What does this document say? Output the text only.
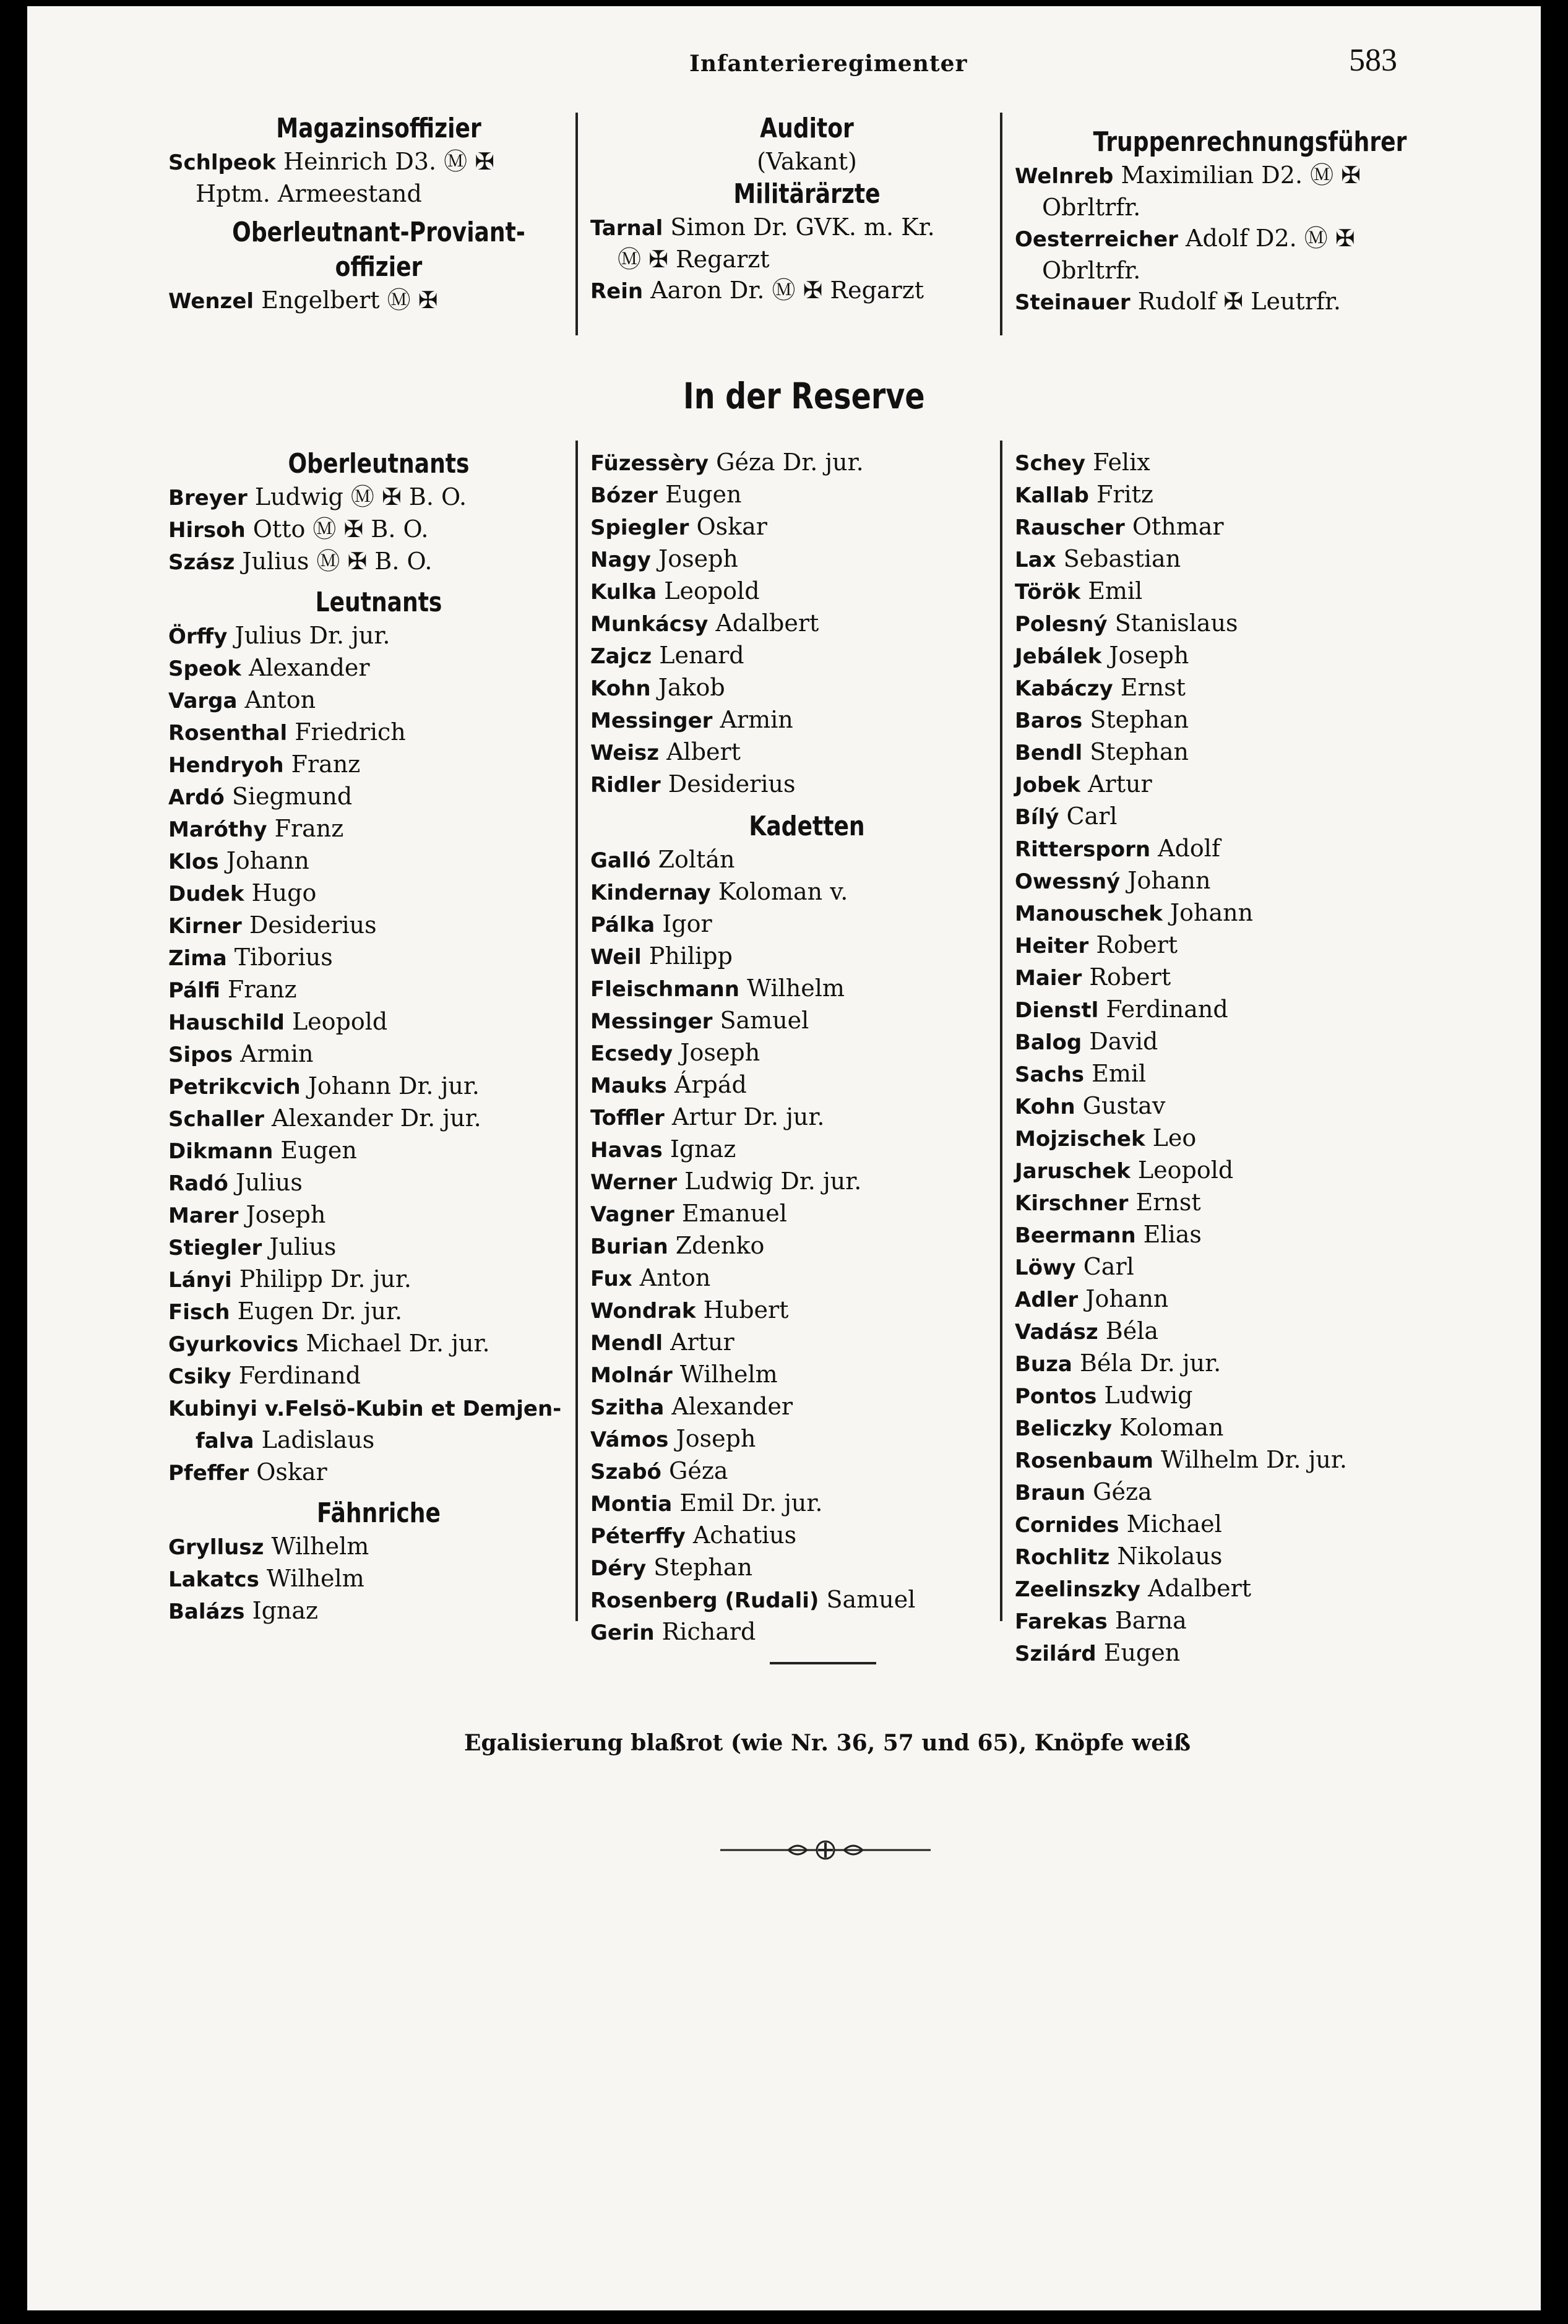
Infanterieregimenter	583
Magazinsoffizier
Schlpeok Heinrich D3. Ⓜ ✠
Hptm. Armeestand
Oberleutnant-Proviant-
offizier
Wenzel Engelbert Ⓜ ✠
Auditor
(Vakant)
Militärärzte
Tarnal Simon Dr. GVK. m. Kr.
Ⓜ ✠ Regarzt
Rein Aaron Dr. Ⓜ ✠ Regarzt
Truppenrechnungsführer
Welnreb Maximilian D2. Ⓜ ✠
Obrltrfr.
Oesterreicher Adolf D2. Ⓜ ✠
Obrltrfr.
Steinauer Rudolf ✠ Leutrfr.
In der Reserve
Oberleutnants
Breyer Ludwig Ⓜ ✠ B. O.
Hirsoh Otto Ⓜ ✠ B. O.
Szász Julius Ⓜ ✠ B. O.
Leutnants
Örffy Julius Dr. jur.
Speok Alexander
Varga Anton
Rosenthal Friedrich
Hendryoh Franz
Ardó Siegmund
Maróthy Franz
Klos Johann
Dudek Hugo
Kirner Desiderius
Zima Tiborius
Pálfi Franz
Hauschild Leopold
Sipos Armin
Petrikcvich Johann Dr. jur.
Schaller Alexander Dr. jur.
Dikmann Eugen
Radó Julius
Marer Joseph
Stiegler Julius
Lányi Philipp Dr. jur.
Fisch Eugen Dr. jur.
Gyurkovics Michael Dr. jur.
Csiky Ferdinand
Kubinyi v.Felsö-Kubin et Demjen-
falva Ladislaus
Pfeffer Oskar
Fähnriche
Gryllusz Wilhelm
Lakatcs Wilhelm
Balázs Ignaz
Füzessèry Géza Dr. jur.
Bózer Eugen
Spiegler Oskar
Nagy Joseph
Kulka Leopold
Munkácsy Adalbert
Zajcz Lenard
Kohn Jakob
Messinger Armin
Weisz Albert
Ridler Desiderius
Kadetten
Galló Zoltán
Kindernay Koloman v.
Pálka Igor
Weil Philipp
Fleischmann Wilhelm
Messinger Samuel
Ecsedy Joseph
Mauks Árpád
Toffler Artur Dr. jur.
Havas Ignaz
Werner Ludwig Dr. jur.
Vagner Emanuel
Burian Zdenko
Fux Anton
Wondrak Hubert
Mendl Artur
Molnár Wilhelm
Szitha Alexander
Vámos Joseph
Szabó Géza
Montia Emil Dr. jur.
Péterffy Achatius
Déry Stephan
Rosenberg (Rudali) Samuel
Gerin Richard
Schey Felix
Kallab Fritz
Rauscher Othmar
Lax Sebastian
Török Emil
Polesný Stanislaus
Jebálek Joseph
Kabáczy Ernst
Baros Stephan
Bendl Stephan
Jobek Artur
Bílý Carl
Rittersporn Adolf
Owessný Johann
Manouschek Johann
Heiter Robert
Maier Robert
Dienstl Ferdinand
Balog David
Sachs Emil
Kohn Gustav
Mojzischek Leo
Jaruschek Leopold
Kirschner Ernst
Beermann Elias
Löwy Carl
Adler Johann
Vadász Béla
Buza Béla Dr. jur.
Pontos Ludwig
Beliczky Koloman
Rosenbaum Wilhelm Dr. jur.
Braun Géza
Cornides Michael
Rochlitz Nikolaus
Zeelinszky Adalbert
Farekas Barna
Szilárd Eugen
Egalisierung blaßrot (wie Nr. 36, 57 und 65), Knöpfe weiß
